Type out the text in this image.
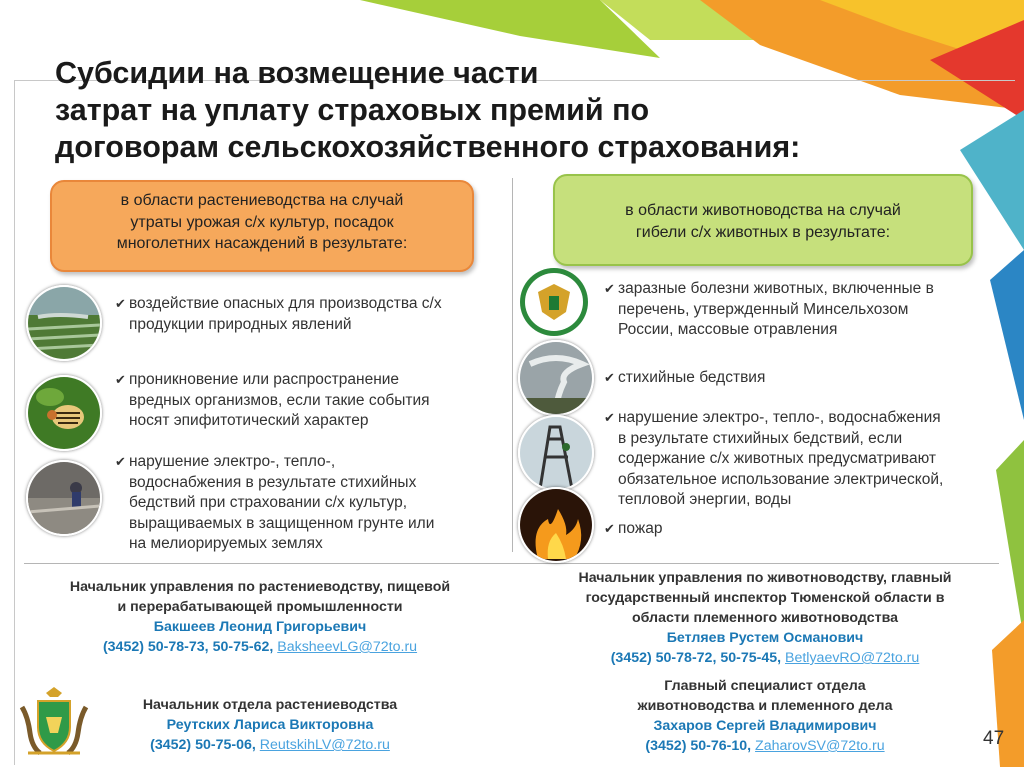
Субсидии на возмещение части
затрат на уплату страховых премий по
договорам сельскохозяйственного страхования:
в области растениеводства на случай
утраты урожая с/х культур, посадок
многолетних насаждений в результате:
в области животноводства на случай
гибели с/х животных в результате:
✔ воздействие опасных для производства с/х
продукции природных явлений
✔ проникновение или распространение
вредных организмов, если такие события
носят эпифитотический характер
✔ нарушение электро-, тепло-,
водоснабжения в результате стихийных
бедствий при страховании с/х культур,
выращиваемых в защищенном грунте или
на мелиорируемых землях
✔ заразные болезни животных, включенные в
перечень, утвержденный Минсельхозом
России, массовые отравления
✔ стихийные бедствия
✔ нарушение электро-, тепло-, водоснабжения
в результате стихийных бедствий, если
содержание с/х животных предусматривают
обязательное использование электрической,
тепловой энергии, воды
✔ пожар
Начальник управления по растениеводству, пищевой
и перерабатывающей промышленности
Бакшеев Леонид Григорьевич
(3452) 50-78-73, 50-75-62, BaksheevLG@72to.ru
Начальник отдела растениеводства
Реутских Лариса Викторовна
(3452) 50-75-06, ReutskihLV@72to.ru
Начальник управления по животноводству, главный
государственный инспектор Тюменской области в
области племенного животноводства
Бетляев Рустем Османович
(3452) 50-78-72, 50-75-45, BetlyaevRO@72to.ru
Главный специалист отдела
животноводства и племенного дела
Захаров Сергей Владимирович
(3452) 50-76-10, ZaharovSV@72to.ru	47
